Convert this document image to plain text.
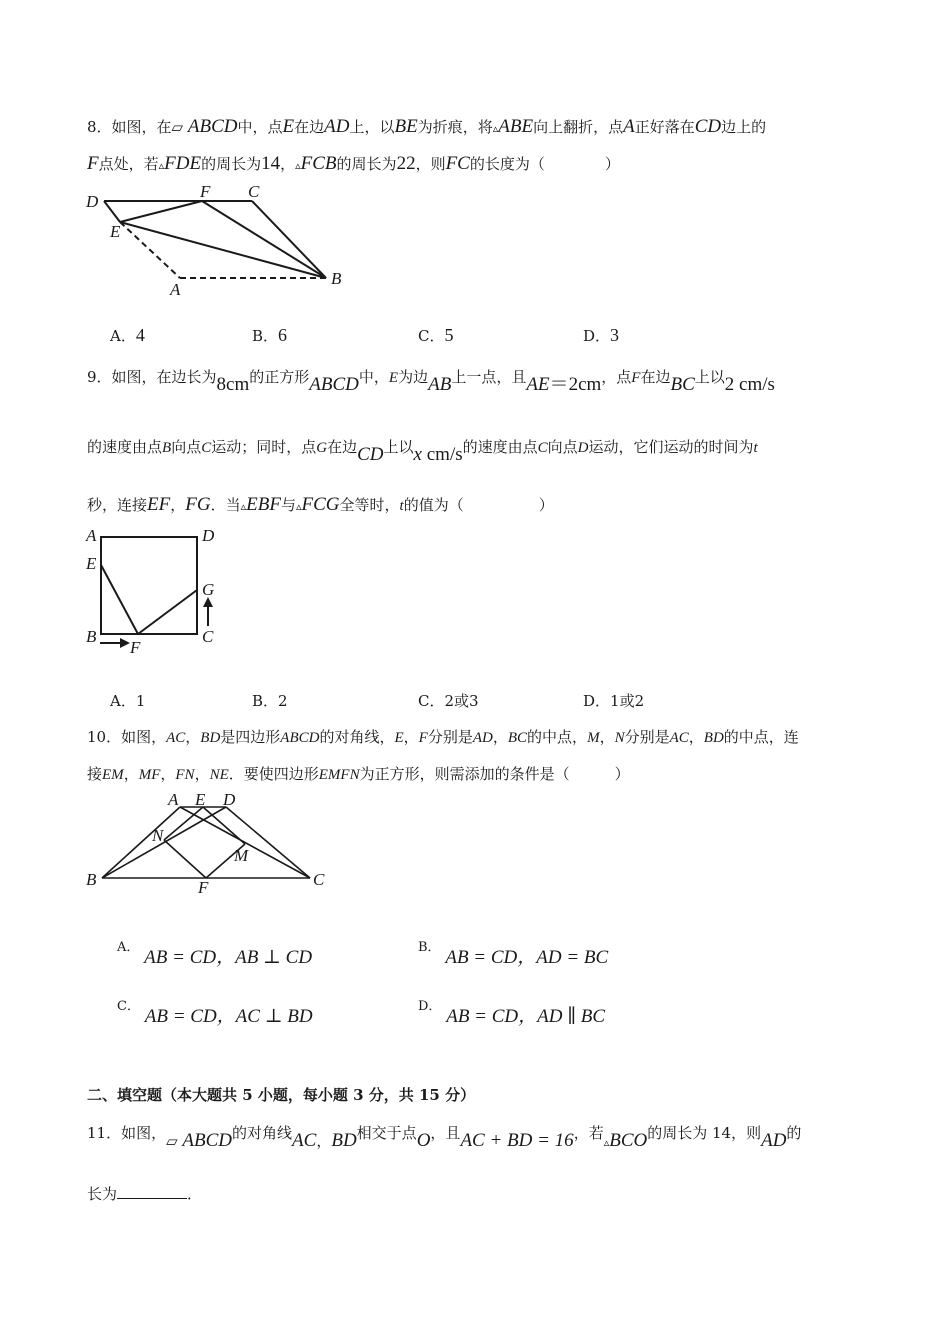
8．如图，在▱ ABCD中，点E在边AD上，以BE为折痕，将▵ABE向上翻折，点A正好落在CD边上的
F点处，若▵FDE的周长为14，▵FCB的周长为22，则FC的长度为（　　　　）
D
F C
E
A
B
A．4	B．6	C．5	D．3
9．如图，在边长为8cm的正方形ABCD中，E为边AB上一点，且AE＝2cm，点F在边BC上以2 cm/s
的速度由点B向点C运动；同时，点G在边CD上以x cm/s的速度由点C向点D运动，它们运动的时间为t
秒，连接EF，FG．当▵EBF与▵FCG全等时，t的值为（　　　　　）
A	D
E
G
B	C
F
A．1	B．2	C．2或3	D．1或2
10．如图，AC，BD是四边形ABCD的对角线，E，F分别是AD，BC的中点，M，N分别是AC，BD的中点，连
接EM，MF，FN，NE．要使四边形EMFN为正方形，则需添加的条件是（　　　）
A E D
N
M
B	F	C
A． AB = CD，AB ⊥ CD	B． AB = CD，AD = BC
C． AB = CD，AC ⊥ BD	D． AB = CD，AD ∥ BC
二、填空题（本大题共 5 小题，每小题 3 分，共 15 分）
11．如图，▱ ABCD的对角线AC，BD相交于点O，且AC + BD = 16，若▵BCO的周长为 14，则AD的
长为	．
